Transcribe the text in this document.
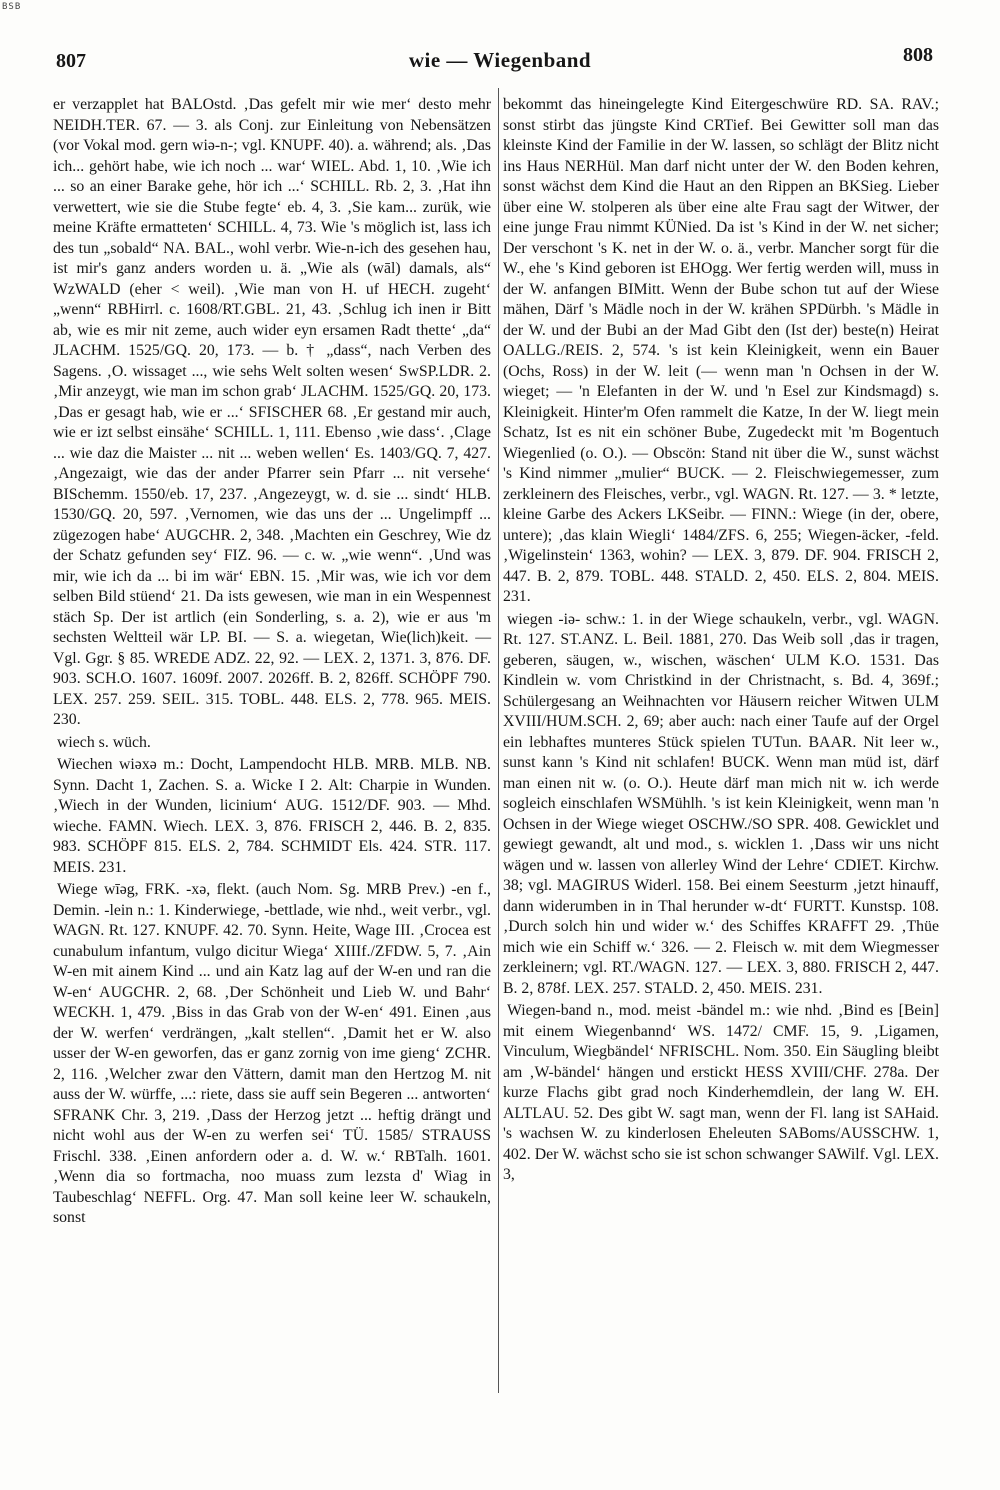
BSB
807	wie — Wiegenband	808

er verzapplet hat BALOstd. ‚Das gefelt mir wie mer‘ desto mehr NEIDH.TER. 67. — 3. als Conj. zur Einleitung von Nebensätzen (vor Vokal mod. gern wiə-n-; vgl. KNUPF. 40). a. während; als. ‚Das ich... gehört habe, wie ich noch ... war‘ WIEL. Abd. 1, 10. ‚Wie ich ... so an einer Barake gehe, hör ich ...‘ SCHILL. Rb. 2, 3. ‚Hat ihn verwettert, wie sie die Stube fegte‘ eb. 4, 3. ‚Sie kam... zurük, wie meine Kräfte ermatteten‘ SCHILL. 4, 73. Wie 's möglich ist, lass ich des tun „sobald“ NA. BAL., wohl verbr. Wie-n-ich des gesehen hau, ist mir's ganz anders worden u. ä. „Wie als (wāl) damals, als“ WzWALD (eher < weil). ‚Wie man von H. uf HECH. zugeht‘ „wenn“ RBHirrl. c. 1608/RT.GBL. 21, 43. ‚Schlug ich inen ir Bitt ab, wie es mir nit zeme, auch wider eyn ersamen Radt thette‘ „da“ JLACHM. 1525/GQ. 20, 173. — b. † „dass“, nach Verben des Sagens. ‚O. wissaget ..., wie sehs Welt solten wesen‘ SwSP.LDR. 2. ‚Mir anzeygt, wie man im schon grab‘ JLACHM. 1525/GQ. 20, 173. ‚Das er gesagt hab, wie er ...‘ SFISCHER 68. ‚Er gestand mir auch, wie er izt selbst einsähe‘ SCHILL. 1, 111. Ebenso ‚wie dass‘. ‚Clage ... wie daz die Maister ... nit ... weben wellen‘ Es. 1403/GQ. 7, 427. ‚Angezaigt, wie das der ander Pfarrer sein Pfarr ... nit versehe‘ BISchemm. 1550/eb. 17, 237. ‚Angezeygt, w. d. sie ... sindt‘ HLB. 1530/GQ. 20, 597. ‚Vernomen, wie das uns der ... Ungelimpff ... zügezogen habe‘ AUGCHR. 2, 348. ‚Machten ein Geschrey, Wie dz der Schatz gefunden sey‘ FIZ. 96. — c. w. „wie wenn“. ‚Und was mir, wie ich da ... bi im wär‘ EBN. 15. ‚Mir was, wie ich vor dem selben Bild stüend‘ 21. Da ists gewesen, wie man in ein Wespennest stäch Sp. Der ist artlich (ein Sonderling, s. a. 2), wie er aus 'm sechsten Weltteil wär LP. BI. — S. a. wiegetan, Wie(lich)keit. — Vgl. Ggr. § 85. WREDE ADZ. 22, 92. — LEX. 2, 1371. 3, 876. DF. 903. SCH.O. 1607. 1609f. 2007. 2026ff. B. 2, 826ff. SCHÖPF 790. LEX. 257. 259. SEIL. 315. TOBL. 448. ELS. 2, 778. 965. MEIS. 230.

wiech s. wüch.

Wiechen wiəxə m.: Docht, Lampendocht HLB. MRB. MLB. NB. Synn. Dacht 1, Zachen. S. a. Wicke I 2. Alt: Charpie in Wunden. ‚Wiech in der Wunden, licinium‘ AUG. 1512/DF. 903. — Mhd. wieche. FAMN. Wiech. LEX. 3, 876. FRISCH 2, 446. B. 2, 835. 983. SCHÖPF 815. ELS. 2, 784. SCHMIDT Els. 424. STR. 117. MEIS. 231.

Wiege wīəg, FRK. -xə, flekt. (auch Nom. Sg. MRB Prev.) -en f., Demin. -lein n.: 1. Kinderwiege, -bettlade, wie nhd., weit verbr., vgl. WAGN. Rt. 127. KNUPF. 42. 70. Synn. Heite, Wage III. ‚Crocea est cunabulum infantum, vulgo dicitur Wiega‘ XIIIf./ZFDW. 5, 7. ‚Ain W-en mit ainem Kind ... und ain Katz lag auf der W-en und ran die W-en‘ AUGCHR. 2, 68. ‚Der Schönheit und Lieb W. und Bahr‘ WECKH. 1, 479. ‚Biss in das Grab von der W-en‘ 491. Einen ‚aus der W. werfen‘ verdrängen, „kalt stellen“. ‚Damit het er W. also usser der W-en geworfen, das er ganz zornig von ime gieng‘ ZCHR. 2, 116. ‚Welcher zwar den Vättern, damit man den Hertzog M. nit auss der W. würffe, ...: riete, dass sie auff sein Begeren ... antworten‘ SFRANK Chr. 3, 219. ‚Dass der Herzog jetzt ... heftig drängt und nicht wohl aus der W-en zu werfen sei‘ TÜ. 1585/ STRAUSS Frischl. 338. ‚Einen anfordern oder a. d. W. w.‘ RBTalh. 1601. ‚Wenn dia so fortmacha, noo muass zum lezsta d' Wiag in Taubeschlag‘ NEFFL. Org. 47. Man soll keine leer W. schaukeln, sonst

bekommt das hineingelegte Kind Eitergeschwüre RD. SA. RAV.; sonst stirbt das jüngste Kind CRTief. Bei Gewitter soll man das kleinste Kind der Familie in der W. lassen, so schlägt der Blitz nicht ins Haus NERHül. Man darf nicht unter der W. den Boden kehren, sonst wächst dem Kind die Haut an den Rippen an BKSieg. Lieber über eine W. stolperen als über eine alte Frau sagt der Witwer, der eine junge Frau nimmt KÜNied. Da ist 's Kind in der W. net sicher; Der verschont 's K. net in der W. o. ä., verbr. Mancher sorgt für die W., ehe 's Kind geboren ist EHOgg. Wer fertig werden will, muss in der W. anfangen BIMitt. Wenn der Bube schon tut auf der Wiese mähen, Därf 's Mädle noch in der W. krähen SPDürbh. 's Mädle in der W. und der Bubi an der Mad Gibt den (Ist der) beste(n) Heirat OALLG./REIS. 2, 574. 's ist kein Kleinigkeit, wenn ein Bauer (Ochs, Ross) in der W. leit (— wenn man 'n Ochsen in der W. wieget; — 'n Elefanten in der W. und 'n Esel zur Kindsmagd) s. Kleinigkeit. Hinter'm Ofen rammelt die Katze, In der W. liegt mein Schatz, Ist es nit ein schöner Bube, Zugedeckt mit 'm Bogentuch Wiegenlied (o. O.). — Obscön: Stand nit über die W., sunst wächst 's Kind nimmer „mulier“ BUCK. — 2. Fleischwiegemesser, zum zerkleinern des Fleisches, verbr., vgl. WAGN. Rt. 127. — 3. * letzte, kleine Garbe des Ackers LKSeibr. — FINN.: Wiege (in der, obere, untere); ‚das klain Wiegli‘ 1484/ZFS. 6, 255; Wiegen-äcker, -feld. ‚Wigelinstein‘ 1363, wohin? — LEX. 3, 879. DF. 904. FRISCH 2, 447. B. 2, 879. TOBL. 448. STALD. 2, 450. ELS. 2, 804. MEIS. 231.

wiegen -iə- schw.: 1. in der Wiege schaukeln, verbr., vgl. WAGN. Rt. 127. ST.ANZ. L. Beil. 1881, 270. Das Weib soll ‚das ir tragen, geberen, säugen, w., wischen, wäschen‘ ULM K.O. 1531. Das Kindlein w. vom Christkind in der Christnacht, s. Bd. 4, 369f.; Schülergesang an Weihnachten vor Häusern reicher Witwen ULM XVIII/HUM.SCH. 2, 69; aber auch: nach einer Taufe auf der Orgel ein lebhaftes munteres Stück spielen TUTun. BAAR. Nit leer w., sunst kann 's Kind nit schlafen! BUCK. Wenn man müd ist, därf man einen nit w. (o. O.). Heute därf man mich nit w. ich werde sogleich einschlafen WSMühlh. 's ist kein Kleinigkeit, wenn man 'n Ochsen in der Wiege wieget OSCHW./SO SPR. 408. Gewicklet und gewiegt gewandt, alt und mod., s. wicklen 1. ‚Dass wir uns nicht wägen und w. lassen von allerley Wind der Lehre‘ CDIET. Kirchw. 38; vgl. MAGIRUS Widerl. 158. Bei einem Seesturm ‚jetzt hinauff, dann widerumben in in Thal herunder w-dt‘ FURTT. Kunstsp. 108. ‚Durch solch hin und wider w.‘ des Schiffes KRAFFT 29. ‚Thüe mich wie ein Schiff w.‘ 326. — 2. Fleisch w. mit dem Wiegmesser zerkleinern; vgl. RT./WAGN. 127. — LEX. 3, 880. FRISCH 2, 447. B. 2, 878f. LEX. 257. STALD. 2, 450. MEIS. 231.

Wiegen-band n., mod. meist -bändel m.: wie nhd. ‚Bind es [Bein] mit einem Wiegenbannd‘ WS. 1472/ CMF. 15, 9. ‚Ligamen, Vinculum, Wiegbändel‘ NFRISCHL. Nom. 350. Ein Säugling bleibt am ‚W-bändel‘ hängen und erstickt HESS XVIII/CHF. 278a. Der kurze Flachs gibt grad noch Kinderhemdlein, der lang W. EH. ALTLAU. 52. Des gibt W. sagt man, wenn der Fl. lang ist SAHaid. 's wachsen W. zu kinderlosen Eheleuten SABoms/AUSSCHW. 1, 402. Der W. wächst scho sie ist schon schwanger SAWilf. Vgl. LEX. 3,
